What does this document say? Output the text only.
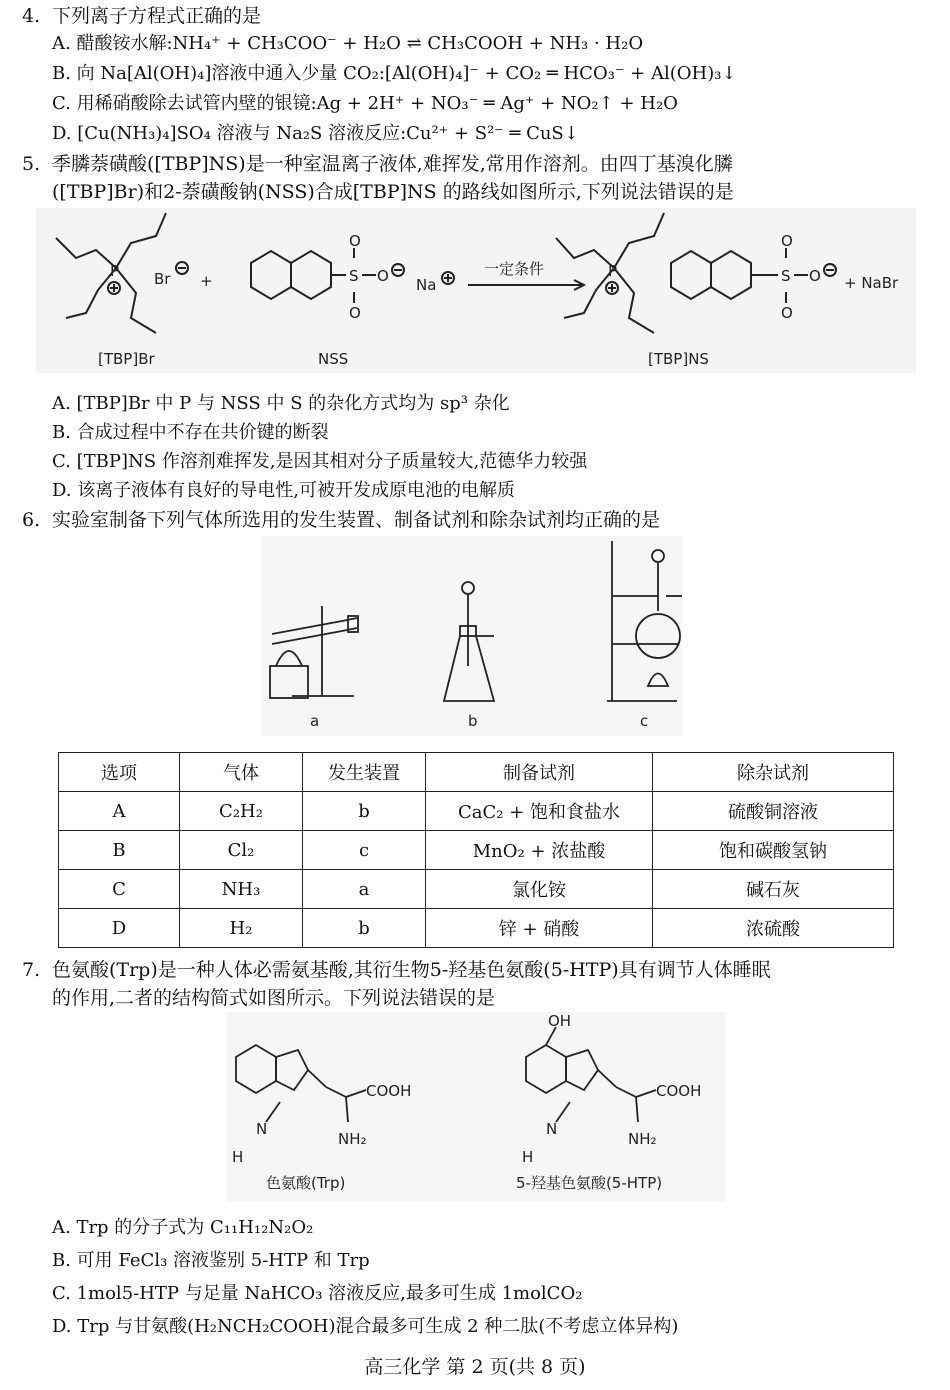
4. 下列离子方程式正确的是
A. 醋酸铵水解:NH₄⁺ + CH₃COO⁻ + H₂O ⇌ CH₃COOH + NH₃ · H₂O
B. 向 Na[Al(OH)₄]溶液中通入少量 CO₂:[Al(OH)₄]⁻ + CO₂ ═ HCO₃⁻ + Al(OH)₃↓
C. 用稀硝酸除去试管内壁的银镜:Ag + 2H⁺ + NO₃⁻ ═ Ag⁺ + NO₂↑ + H₂O
D. [Cu(NH₃)₄]SO₄ 溶液与 Na₂S 溶液反应:Cu²⁺ + S²⁻ ═ CuS↓
5. 季膦萘磺酸([TBP]NS)是一种室温离子液体,难挥发,常用作溶剂。由四丁基溴化膦
([TBP]Br)和2-萘磺酸钠(NSS)合成[TBP]NS 的路线如图所示,下列说法错误的是
P Br +	S
O
O
O Na
一定条件	P	S
O
O
O + NaBr
[TBP]Br	NSS	[TBP]NS
A. [TBP]Br 中 P 与 NSS 中 S 的杂化方式均为 sp³ 杂化
B. 合成过程中不存在共价键的断裂
C. [TBP]NS 作溶剂难挥发,是因其相对分子质量较大,范德华力较强
D. 该离子液体有良好的导电性,可被开发成原电池的电解质
6. 实验室制备下列气体所选用的发生装置、制备试剂和除杂试剂均正确的是
a	b	c
选项	气体	发生装置	制备试剂	除杂试剂
A	C₂H₂	b	CaC₂ + 饱和食盐水	硫酸铜溶液
B	Cl₂	c	MnO₂ + 浓盐酸	饱和碳酸氢钠
C	NH₃	a	氯化铵	碱石灰
D	H₂	b	锌 + 硝酸	浓硫酸
7. 色氨酸(Trp)是一种人体必需氨基酸,其衍生物5-羟基色氨酸(5-HTP)具有调节人体睡眠
的作用,二者的结构简式如图所示。下列说法错误的是
COOH
NH₂
N
H
色氨酸(Trp)
OH
COOH
NH₂
N
H
5-羟基色氨酸(5-HTP)
A. Trp 的分子式为 C₁₁H₁₂N₂O₂
B. 可用 FeCl₃ 溶液鉴别 5-HTP 和 Trp
C. 1mol5-HTP 与足量 NaHCO₃ 溶液反应,最多可生成 1molCO₂
D. Trp 与甘氨酸(H₂NCH₂COOH)混合最多可生成 2 种二肽(不考虑立体异构)
高三化学 第 2 页(共 8 页)
